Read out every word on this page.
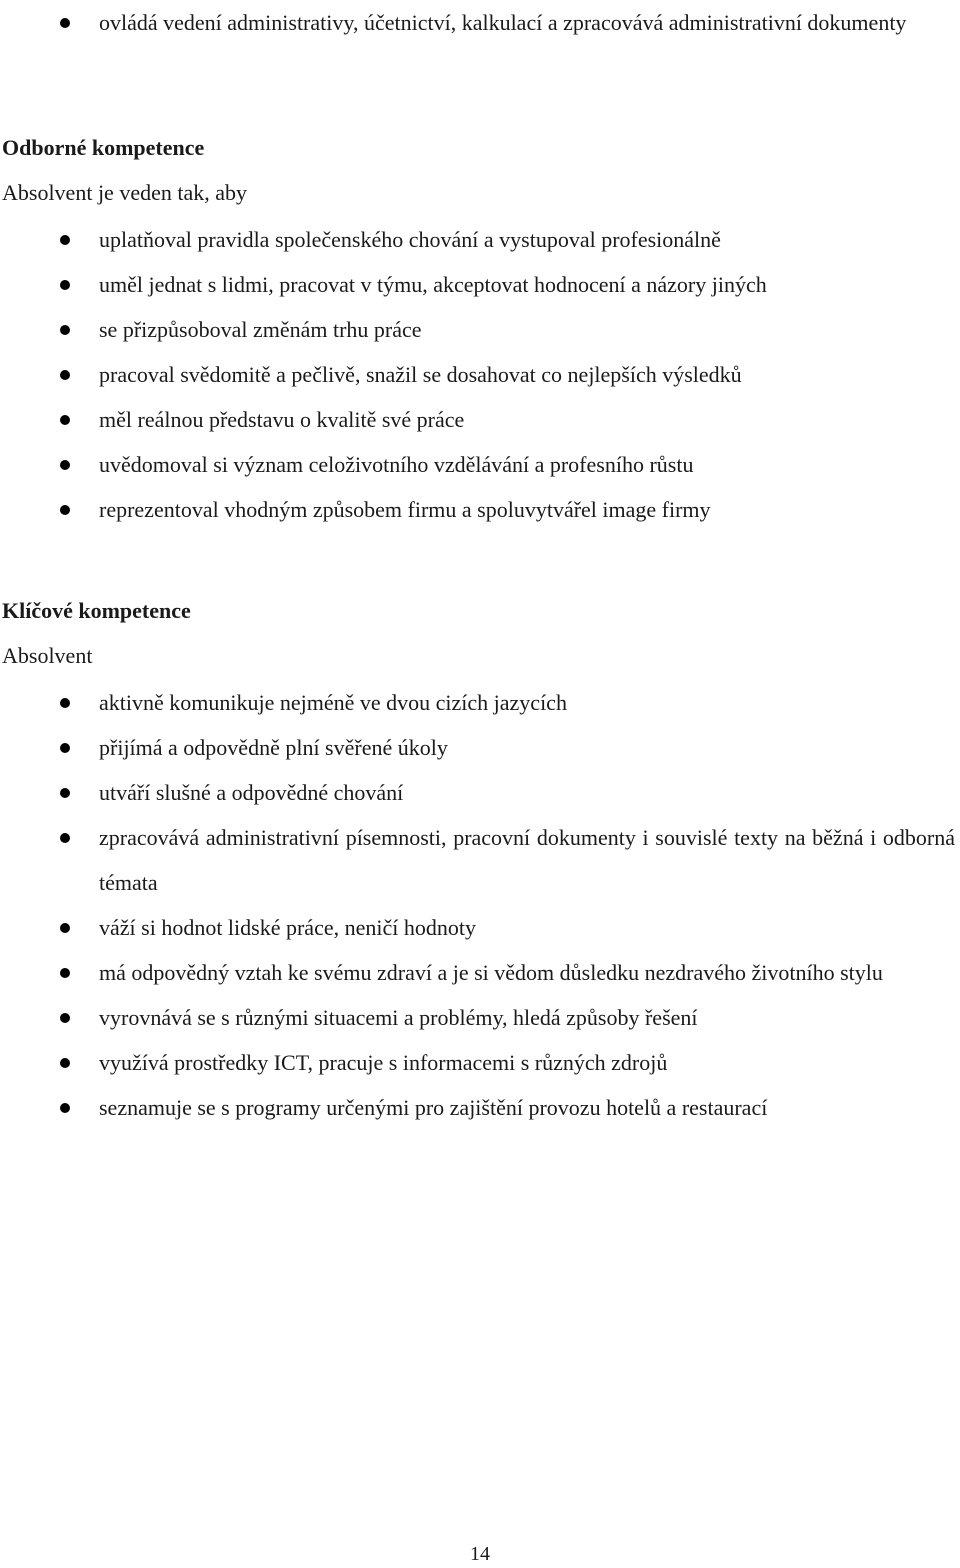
ovládá vedení administrativy, účetnictví, kalkulací a zpracovává administrativní dokumenty
Odborné kompetence

Absolvent je veden tak, aby

uplatňoval pravidla společenského chování a vystupoval profesionálně
uměl jednat s lidmi, pracovat v týmu, akceptovat hodnocení a názory jiných
se přizpůsoboval změnám trhu práce
pracoval svědomitě a pečlivě, snažil se dosahovat co nejlepších výsledků
měl reálnou představu o kvalitě své práce
uvědomoval si význam celoživotního vzdělávání a profesního růstu
reprezentoval vhodným způsobem firmu a spoluvytvářel image firmy
Klíčové kompetence

Absolvent

aktivně komunikuje nejméně ve dvou cizích jazycích
přijímá a odpovědně plní svěřené úkoly
utváří slušné a odpovědné chování
zpracovává administrativní písemnosti, pracovní dokumenty i souvislé texty na běžná i odborná témata
váží si hodnot lidské práce, neničí hodnoty
má odpovědný vztah ke svému zdraví a je si vědom důsledku nezdravého životního stylu
vyrovnává se s různými situacemi a problémy, hledá způsoby řešení
využívá prostředky ICT, pracuje s informacemi s různých zdrojů
seznamuje se s programy určenými pro zajištění provozu hotelů a restaurací
14
